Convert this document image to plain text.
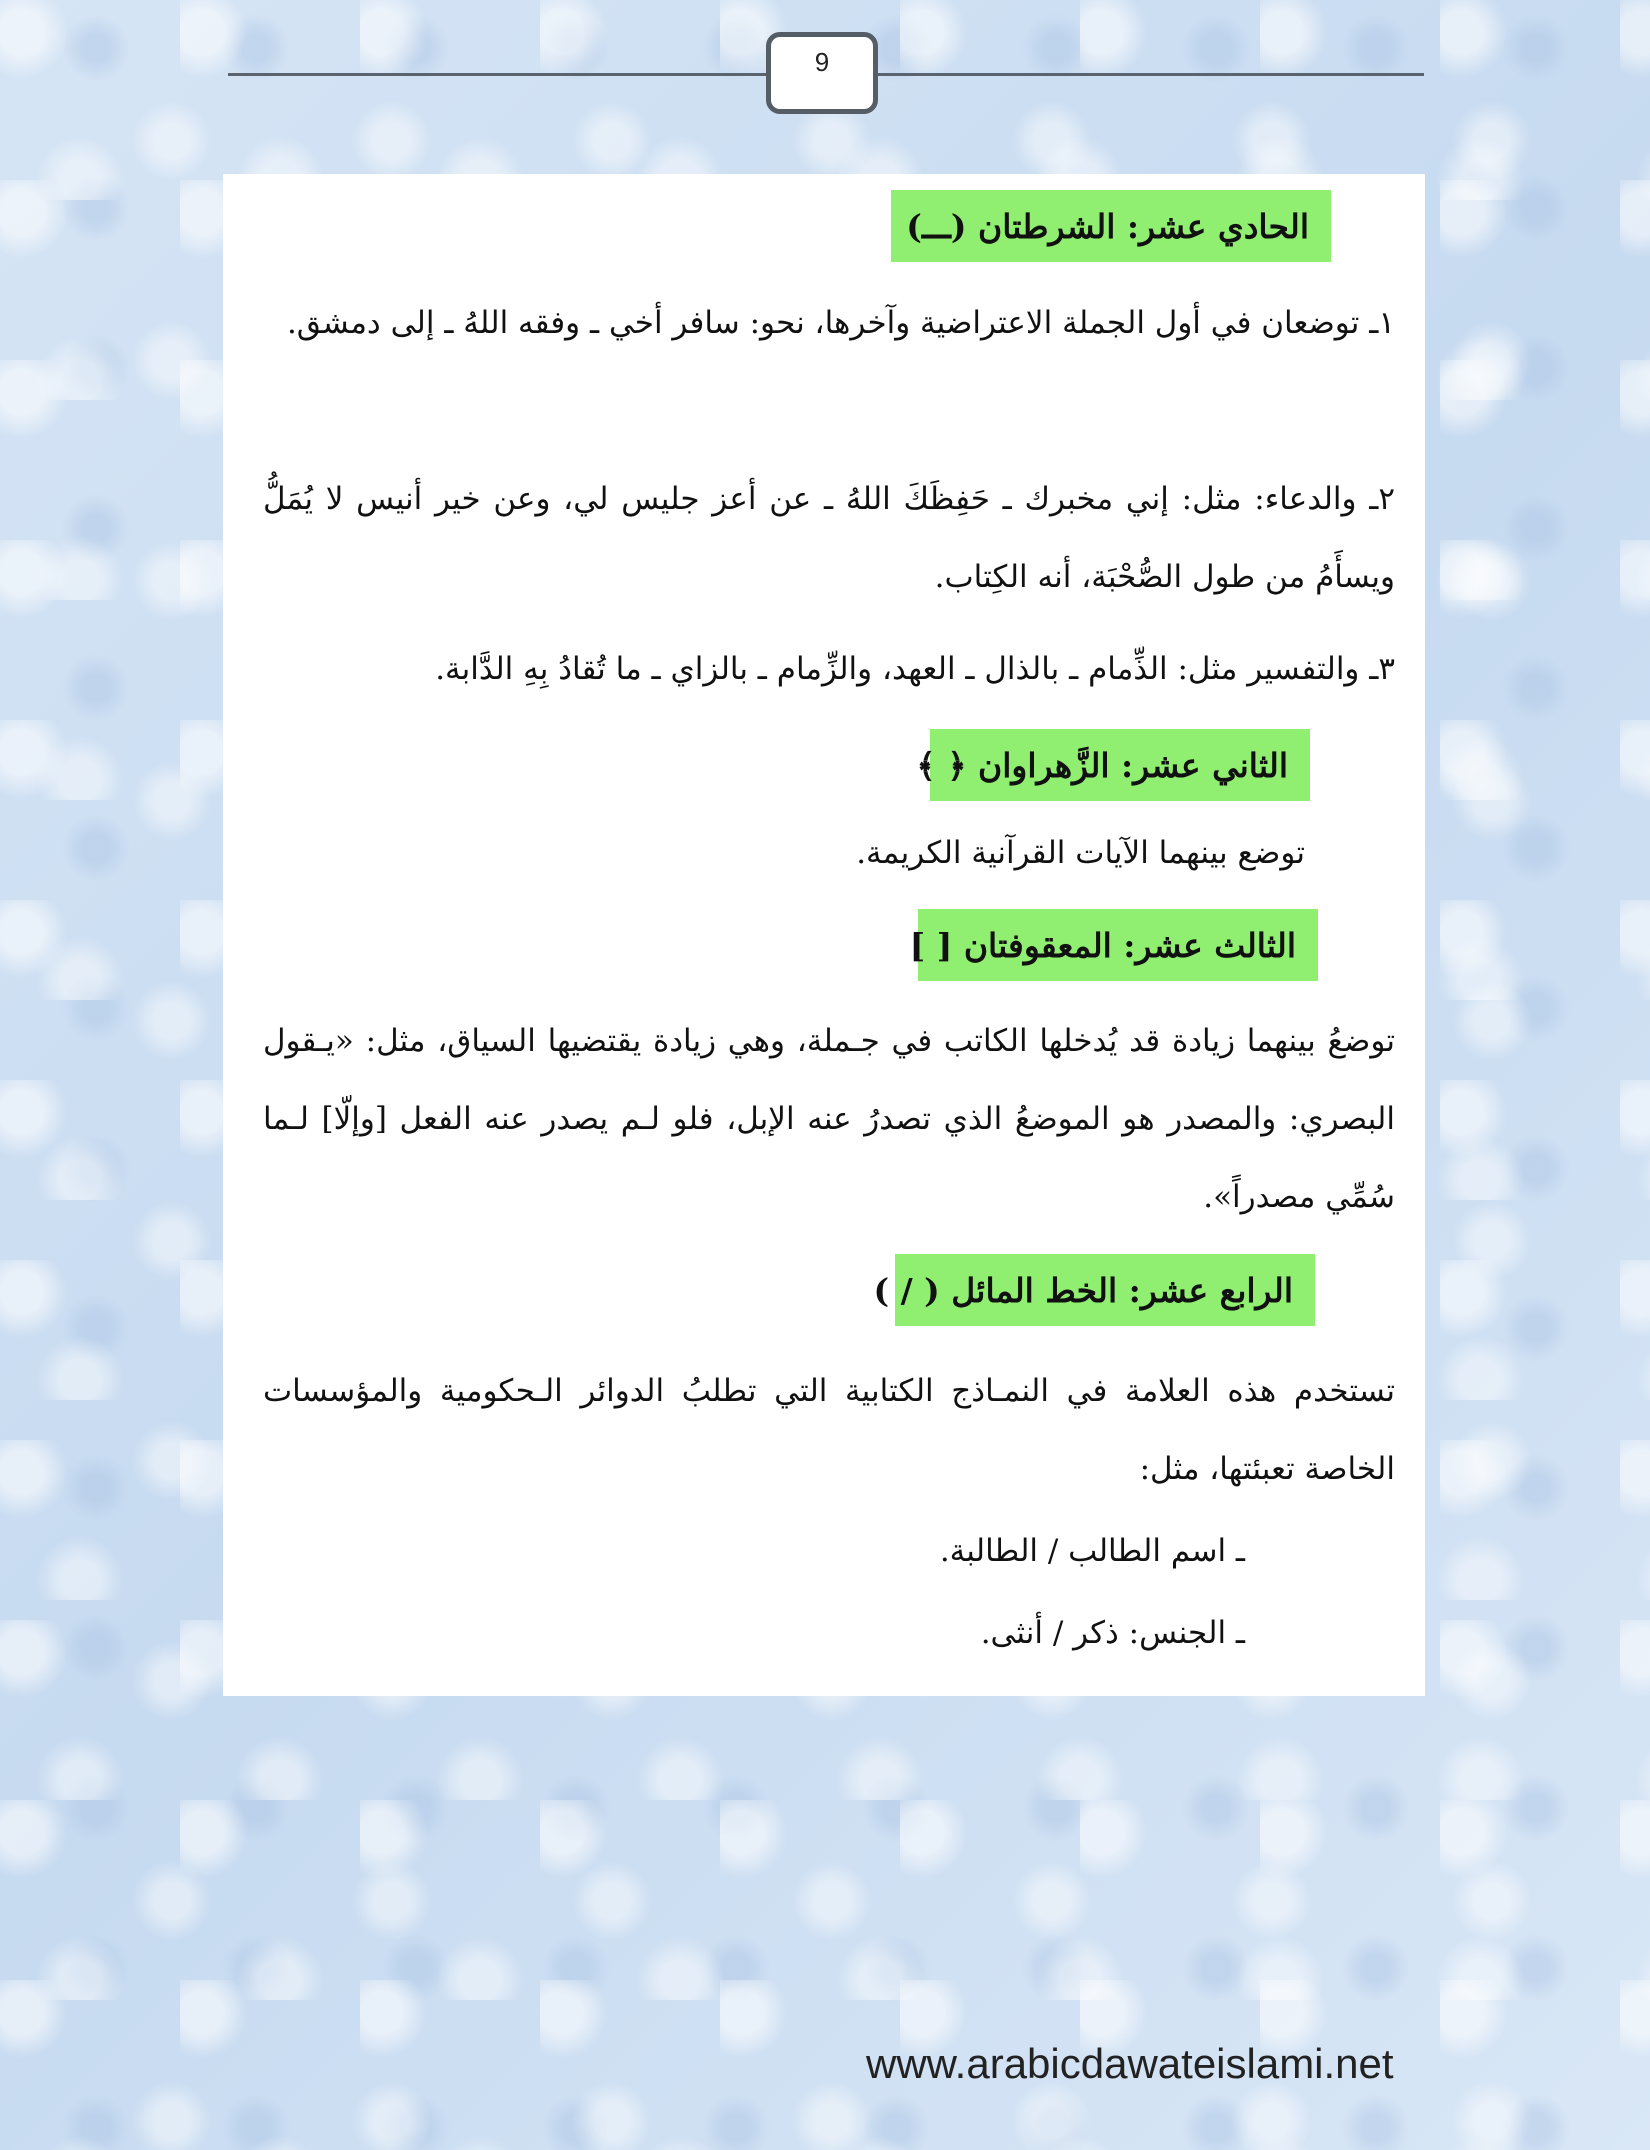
9
الحادي عشر: الشرطتان (ـــ)

١ـ توضعان في أول الجملة الاعتراضية وآخرها، نحو: سافر أخي ـ وفقه اللهُ ـ إلى دمشق.

٢ـ والدعاء: مثل: إني مخبرك ـ حَفِظَكَ اللهُ ـ عن أعز جليس لي، وعن خير أنيس لا يُمَلُّ ويسأَمُ من طول الصُّحْبَة، أنه الكِتاب.

٣ـ والتفسير مثل: الذِّمام ـ بالذال ـ العهد، والزِّمام ـ بالزاي ـ ما تُقادُ بِهِ الدَّابة.

الثاني عشر: الزَّهراوان ﴿ ﴾

توضع بينهما الآيات القرآنية الكريمة.

الثالث عشر: المعقوفتان [ ]

توضعُ بينهما زيادة قد يُدخلها الكاتب في جـملة، وهي زيادة يقتضيها السياق، مثل: «يـقول البصري: والمصدر هو الموضعُ الذي تصدرُ عنه الإبل، فلو لـم يصدر عنه الفعل [وإلّا] لـما سُمِّي مصدراً».

الرابع عشر: الخط المائل ( / )

تستخدم هذه العلامة في النمـاذج الكتابية التي تطلبُ الدوائر الـحكومية والمؤسسات الخاصة تعبئتها، مثل:

ـ اسم الطالب / الطالبة.
ـ الجنس: ذكر / أنثى.
www.arabicdawateislami.net
